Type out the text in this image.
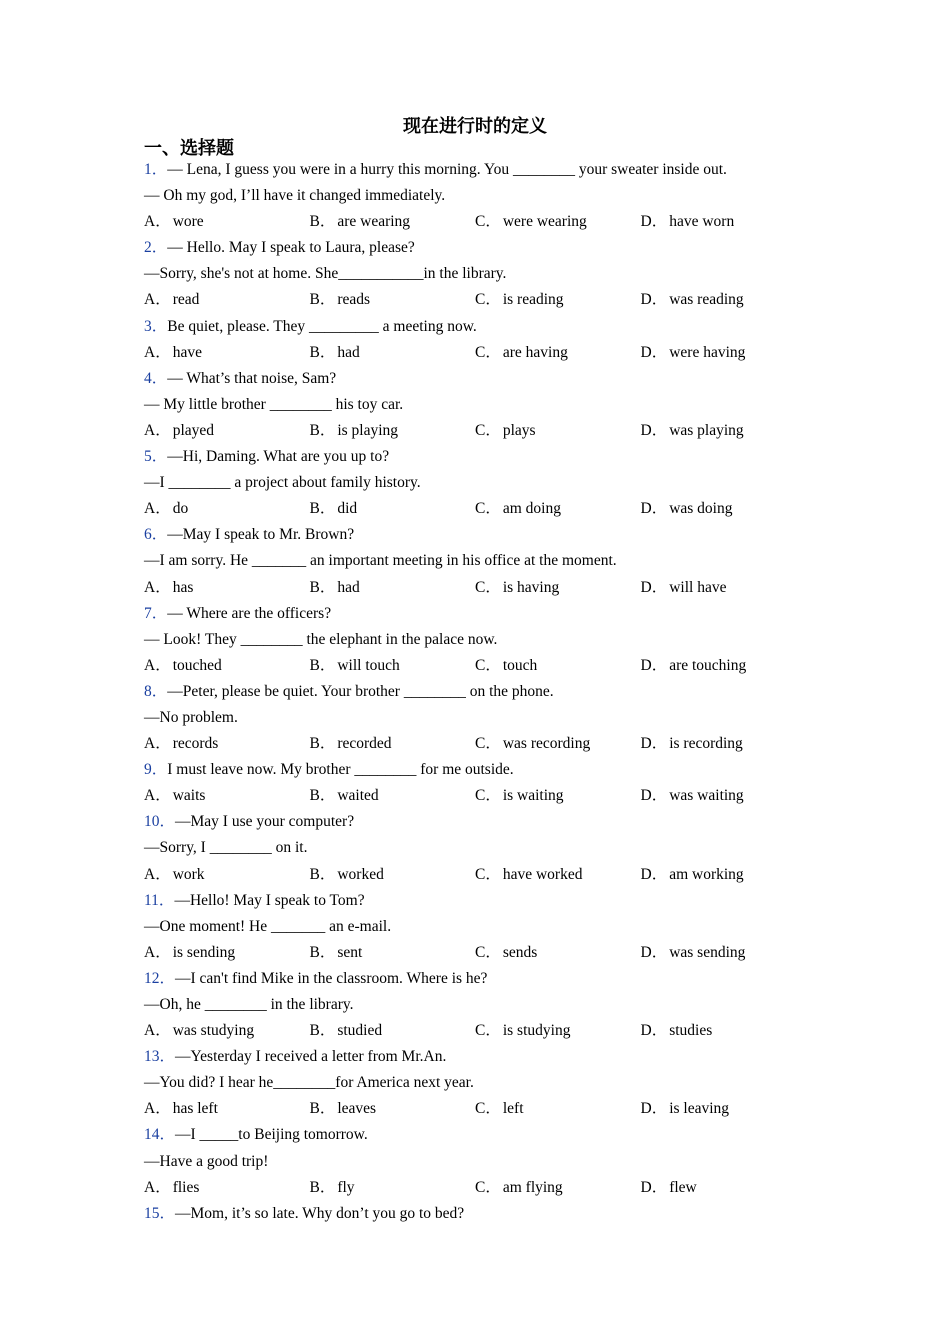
现在进行时的定义
一、选择题
1．— Lena, I guess you were in a hurry this morning. You ________ your sweater inside out.
— Oh my god, I’ll have it changed immediately.
A． wore	B． are wearing	C． were wearing	D． have worn
2．— Hello. May I speak to Laura, please?
—Sorry, she's not at home. She___________in the library.
A． read	B． reads	C． is reading	D． was reading
3．Be quiet, please. They _________ a meeting now.
A． have	B． had	C． are having	D． were having
4．— What’s that noise, Sam?
— My little brother ________ his toy car.
A． played	B． is playing	C． plays	D． was playing
5．—Hi, Daming. What are you up to?
—I ________ a project about family history.
A． do	B． did	C． am doing	D． was doing
6．—May I speak to Mr. Brown?
—I am sorry. He _______ an important meeting in his office at the moment.
A． has	B． had	C． is having	D． will have
7．— Where are the officers?
— Look! They ________ the elephant in the palace now.
A． touched	B． will touch	C． touch	D． are touching
8．—Peter, please be quiet. Your brother ________ on the phone.
—No problem.
A． records	B． recorded	C． was recording	D． is recording
9．I must leave now. My brother ________ for me outside.
A． waits	B． waited	C． is waiting	D． was waiting
10．—May I use your computer?
—Sorry, I ________ on it.
A． work	B． worked	C． have worked	D． am working
11．—Hello! May I speak to Tom?
—One moment! He _______ an e-mail.
A． is sending	B． sent	C． sends	D． was sending
12．—I can't find Mike in the classroom. Where is he?
—Oh, he ________ in the library.
A． was studying	B． studied	C． is studying	D． studies
13．—Yesterday I received a letter from Mr.An.
—You did? I hear he________for America next year.
A． has left	B． leaves	C． left	D． is leaving
14．—I _____to Beijing tomorrow.
—Have a good trip!
A． flies	B． fly	C． am flying	D． flew
15．—Mom, it’s so late. Why don’t you go to bed?
